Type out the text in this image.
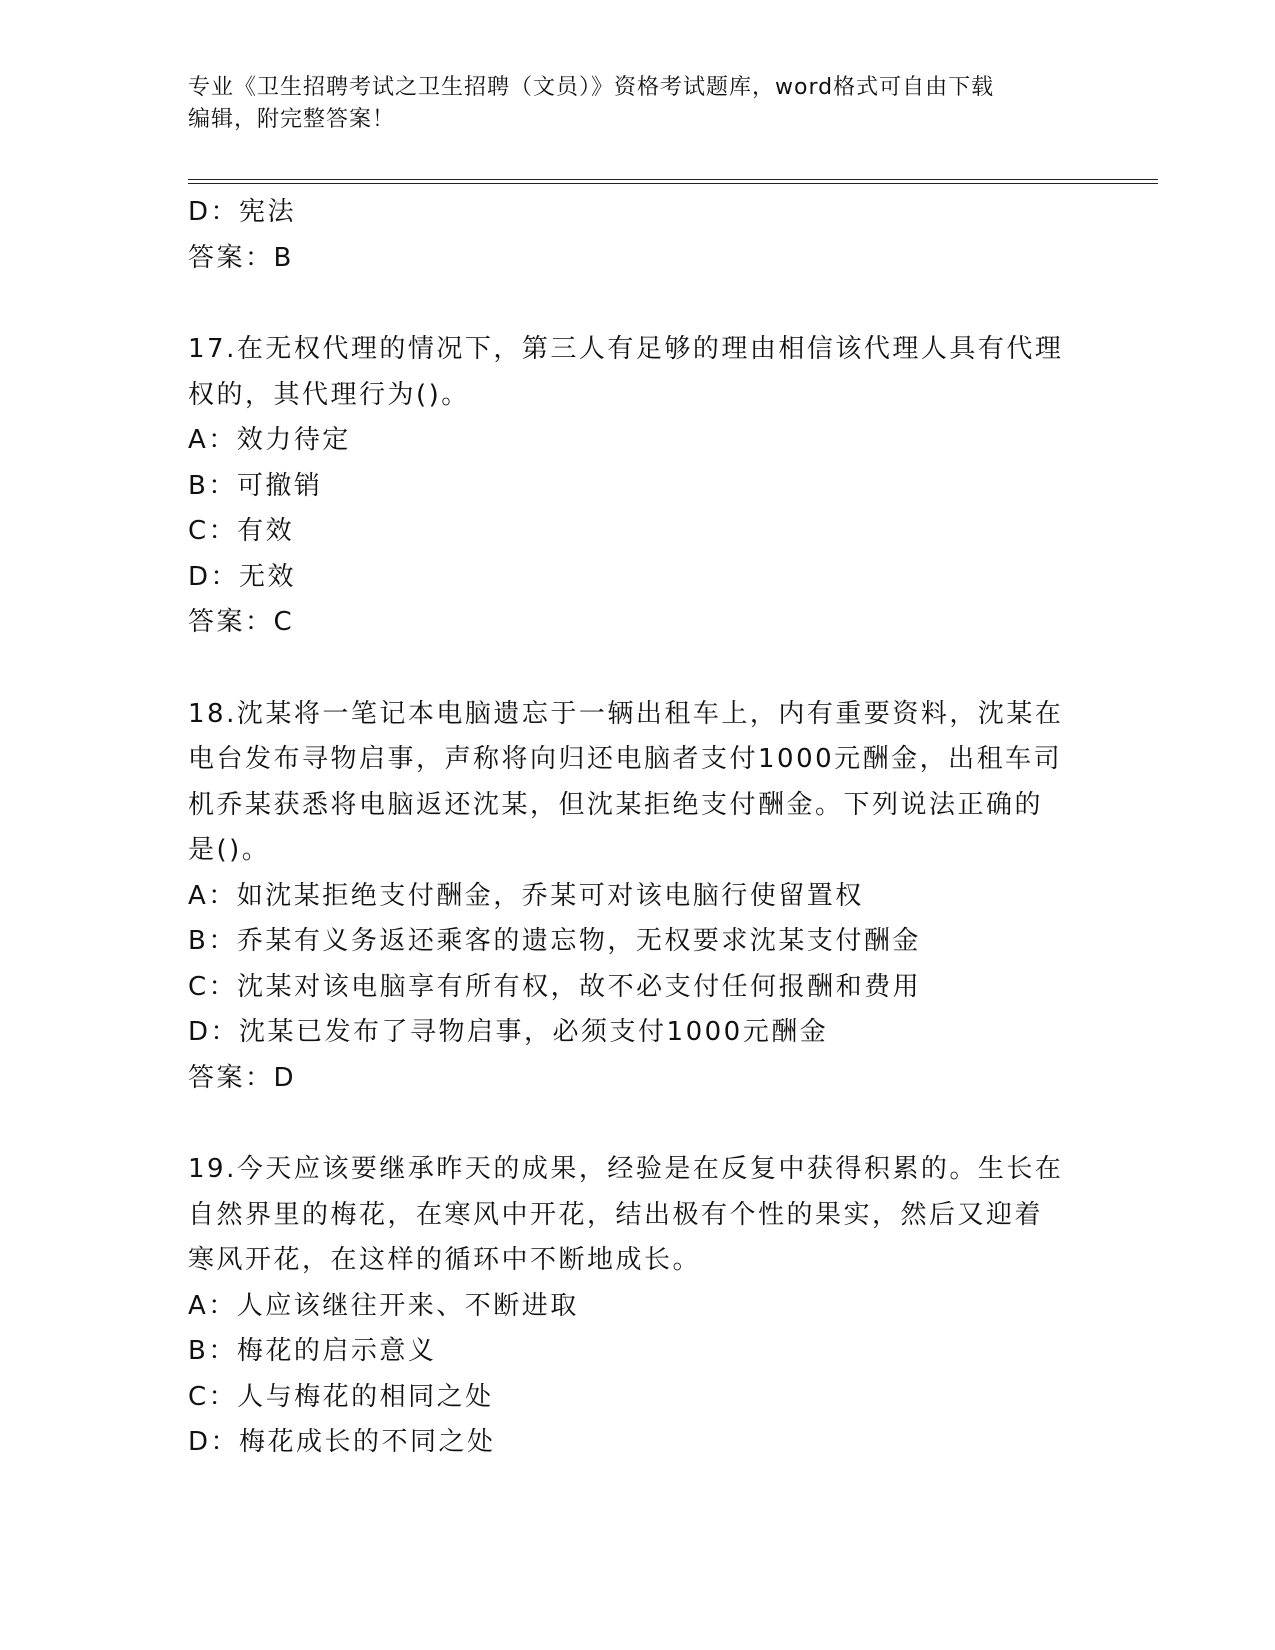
专业《卫生招聘考试之卫生招聘（文员）》资格考试题库，word格式可自由下载
编辑，附完整答案！
D：宪法
答案：B
17.在无权代理的情况下，第三人有足够的理由相信该代理人具有代理
权的，其代理行为()。
A：效力待定
B：可撤销
C：有效
D：无效
答案：C
18.沈某将一笔记本电脑遗忘于一辆出租车上，内有重要资料，沈某在
电台发布寻物启事，声称将向归还电脑者支付1000元酬金，出租车司
机乔某获悉将电脑返还沈某，但沈某拒绝支付酬金。下列说法正确的
是()。
A：如沈某拒绝支付酬金，乔某可对该电脑行使留置权
B：乔某有义务返还乘客的遗忘物，无权要求沈某支付酬金
C：沈某对该电脑享有所有权，故不必支付任何报酬和费用
D：沈某已发布了寻物启事，必须支付1000元酬金
答案：D
19.今天应该要继承昨天的成果，经验是在反复中获得积累的。生长在
自然界里的梅花，在寒风中开花，结出极有个性的果实，然后又迎着
寒风开花，在这样的循环中不断地成长。
A：人应该继往开来、不断进取
B：梅花的启示意义
C：人与梅花的相同之处
D：梅花成长的不同之处
